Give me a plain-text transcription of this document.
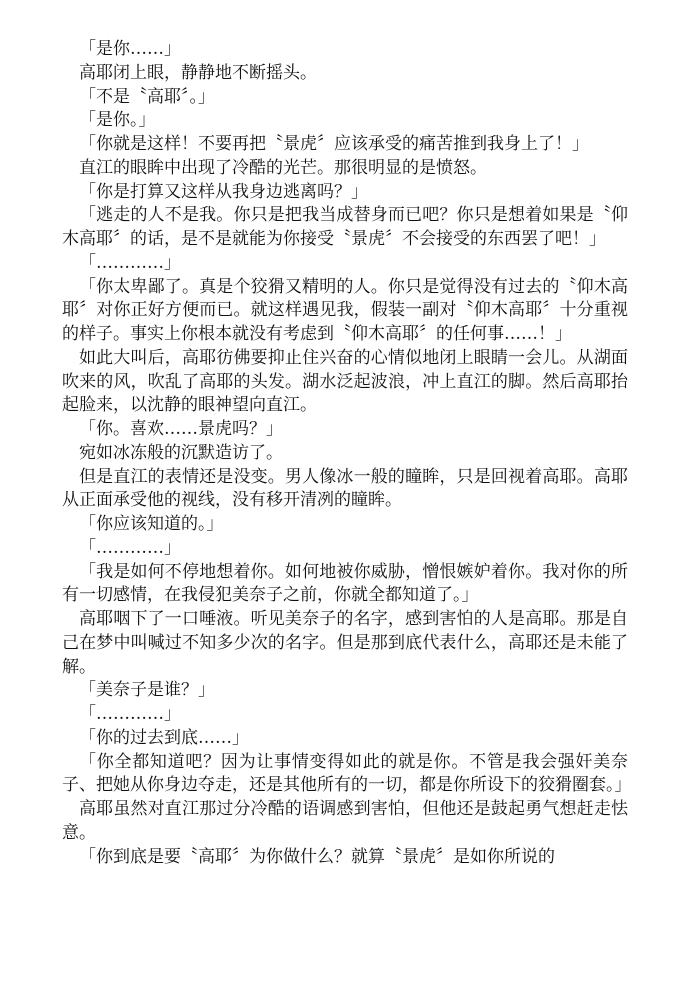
「是你……」

高耶闭上眼，静静地不断摇头。

「不是〝高耶〞。」

「是你。」

「你就是这样！不要再把〝景虎〞应该承受的痛苦推到我身上了！」

直江的眼眸中出现了冷酷的光芒。那很明显的是愤怒。

「你是打算又这样从我身边逃离吗？」

「逃走的人不是我。你只是把我当成替身而已吧？你只是想着如果是〝仰木高耶〞的话，是不是就能为你接受〝景虎〞不会接受的东西罢了吧！」

「…………」

「你太卑鄙了。真是个狡猾又精明的人。你只是觉得没有过去的〝仰木高耶〞对你正好方便而已。就这样遇见我，假装一副对〝仰木高耶〞十分重视的样子。事实上你根本就没有考虑到〝仰木高耶〞的任何事……！」

如此大叫后，高耶彷佛要抑止住兴奋的心情似地闭上眼睛一会儿。从湖面吹来的风，吹乱了高耶的头发。湖水泛起波浪，冲上直江的脚。然后高耶抬起脸来，以沈静的眼神望向直江。

「你。喜欢……景虎吗？」

宛如冰冻般的沉默造访了。

但是直江的表情还是没变。男人像冰一般的瞳眸，只是回视着高耶。高耶从正面承受他的视线，没有移开清冽的瞳眸。

「你应该知道的。」

「…………」

「我是如何不停地想着你。如何地被你威胁，憎恨嫉妒着你。我对你的所有一切感情，在我侵犯美奈子之前，你就全都知道了。」

高耶咽下了一口唾液。听见美奈子的名字，感到害怕的人是高耶。那是自己在梦中叫喊过不知多少次的名字。但是那到底代表什么，高耶还是未能了解。

「美奈子是谁？」

「…………」

「你的过去到底……」

「你全都知道吧？因为让事情变得如此的就是你。不管是我会强奸美奈子、把她从你身边夺走，还是其他所有的一切，都是你所设下的狡猾圈套。」

高耶虽然对直江那过分冷酷的语调感到害怕，但他还是鼓起勇气想赶走怯意。

「你到底是要〝高耶〞为你做什么？就算〝景虎〞是如你所说的
